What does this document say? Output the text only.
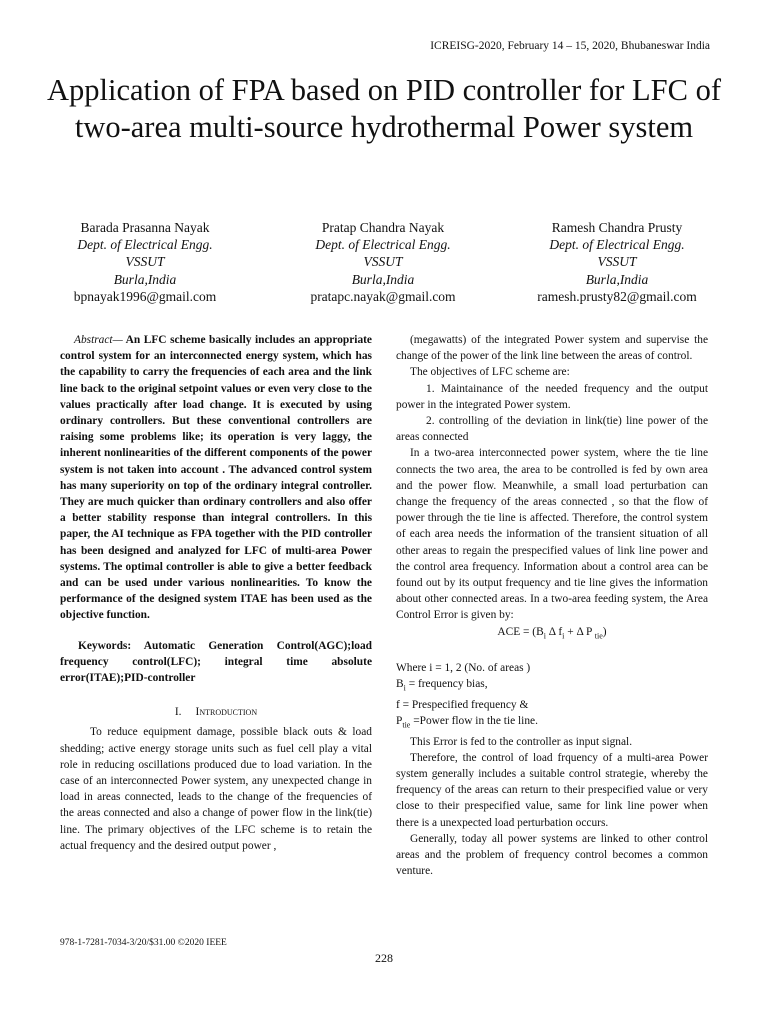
ICREISG-2020, February 14 – 15, 2020, Bhubaneswar India
Application of FPA based on PID controller for LFC of two-area multi-source hydrothermal Power system
Barada Prasanna Nayak
Dept. of Electrical Engg.
VSSUT
Burla,India
bpnayak1996@gmail.com
Pratap Chandra Nayak
Dept. of Electrical Engg.
VSSUT
Burla,India
pratapc.nayak@gmail.com
Ramesh Chandra Prusty
Dept. of Electrical Engg.
VSSUT
Burla,India
ramesh.prusty82@gmail.com

Abstract— An LFC scheme basically includes an appropriate control system for an interconnected energy system, which has the capability to carry the frequencies of each area and the link line back to the original setpoint values or even very close to the values practically after load change. It is executed by using ordinary controllers. But these conventional controllers are raising some problems like; its operation is very laggy, the inherent nonlinearities of the different components of the power system is not taken into account . The advanced control system has many superiority on top of the ordinary integral controller. They are much quicker than ordinary controllers and also offer a better stability response than integral controllers. In this paper, the AI technique as FPA together with the PID controller has been designed and analyzed for LFC of multi-area Power systems. The optimal controller is able to give a better feedback and can be used under various nonlinearities. To know the performance of the designed system ITAE has been used as the objective function.

Keywords: Automatic Generation Control(AGC);load frequency control(LFC); integral time absolute error(ITAE);PID-controller

I. Introduction

To reduce equipment damage, possible black outs & load shedding; active energy storage units such as fuel cell play a vital role in reducing oscillations produced due to load variation. In the case of an interconnected Power system, any unexpected change in load in areas connected, leads to the change of the frequencies of the areas connected and also a change of power flow in the link(tie) line. The primary objectives of the LFC scheme is to retain the actual frequency and the desired output power ,

(megawatts) of the integrated Power system and supervise the change of the power of the link line between the areas of control.

The objectives of LFC scheme are:

1. Maintainance of the needed frequency and the output power in the integrated Power system.

2. controlling of the deviation in link(tie) line power of the areas connected

In a two-area interconnected power system, where the tie line connects the two area, the area to be controlled is fed by own area and the power flow. Meanwhile, a small load perturbation can change the frequency of the areas connected , so that the flow of power through the tie line is affected. Therefore, the control system of each area needs the information of the transient situation of all other areas to regain the prespecified values of link line power and the control area frequency. Information about a control area can be found out by its output frequency and tie line gives the information about other connected areas. In a two-area feeding system, the Area Control Error is given by:

ACE = ($B_i$ Δ $f_i + \Delta$ P $_{tie}$)

Where i = 1, 2 (No. of areas )

$B_i$ = frequency bias,

f = Prespecified frequency &

$P_{tie}$ =Power flow in the tie line.

This Error is fed to the controller as input signal.

Therefore, the control of load frquency of a multi-area Power system generally includes a suitable control strategie, whereby the frequency of the areas can return to their prespecified value or very close to their prespecified value, same for link line power when there is a unexpected load perturbation occurs.

Generally, today all power systems are linked to other control areas and the problem of frequency control becomes a common venture.

978-1-7281-7034-3/20/$31.00 ©2020 IEEE
228
